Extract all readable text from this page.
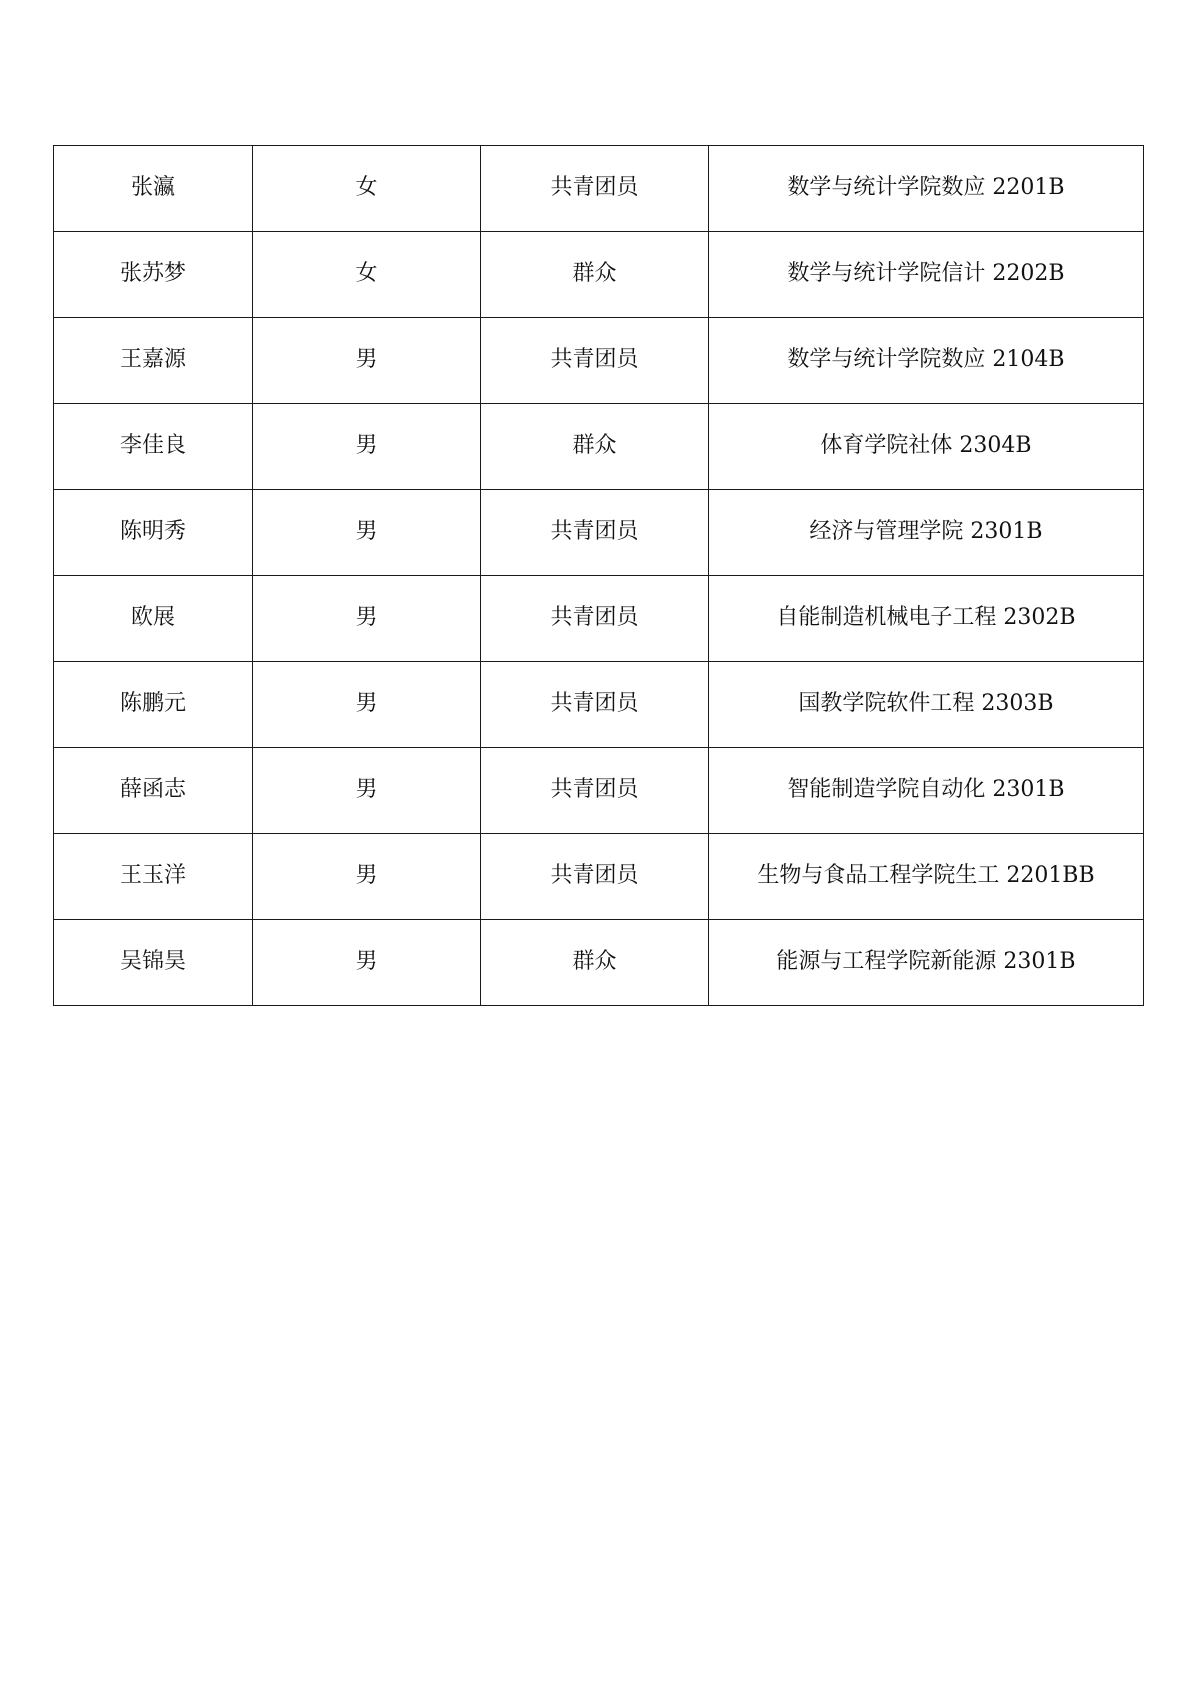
张瀛	女	共青团员	数学与统计学院数应 2201B
张苏梦	女	群众	数学与统计学院信计 2202B
王嘉源	男	共青团员	数学与统计学院数应 2104B
李佳良	男	群众	体育学院社体 2304B
陈明秀	男	共青团员	经济与管理学院 2301B
欧展	男	共青团员	自能制造机械电子工程 2302B
陈鹏元	男	共青团员	国教学院软件工程 2303B
薛函志	男	共青团员	智能制造学院自动化 2301B
王玉洋	男	共青团员	生物与食品工程学院生工 2201BB
吴锦昊	男	群众	能源与工程学院新能源 2301B
